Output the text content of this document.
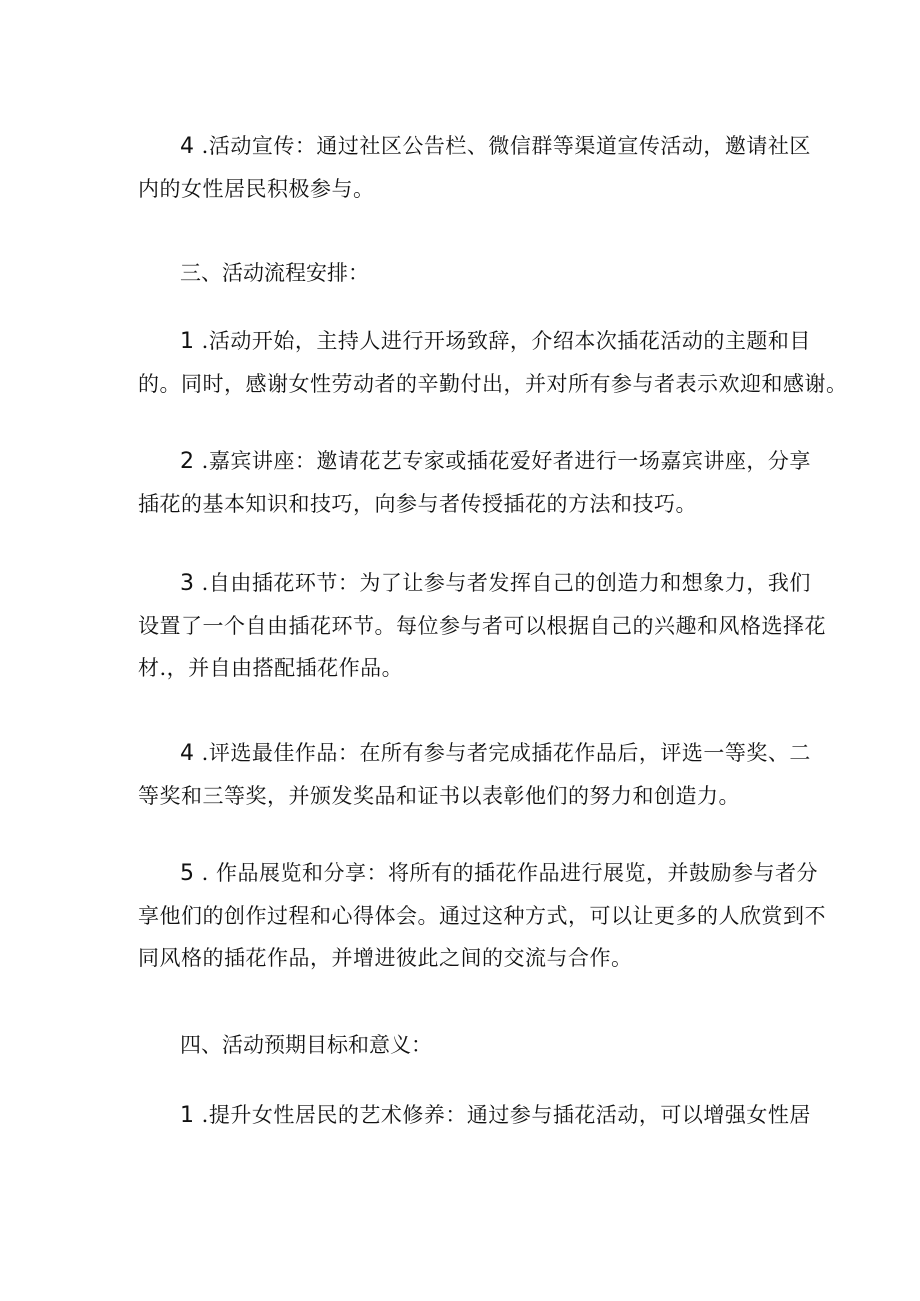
4 .活动宣传：通过社区公告栏、微信群等渠道宣传活动，邀请社区
内的女性居民积极参与。

三、活动流程安排：

1 .活动开始，主持人进行开场致辞，介绍本次插花活动的主题和目
的。同时，感谢女性劳动者的辛勤付出，并对所有参与者表示欢迎和感谢。

2 .嘉宾讲座：邀请花艺专家或插花爱好者进行一场嘉宾讲座，分享
插花的基本知识和技巧，向参与者传授插花的方法和技巧。

3 .自由插花环节：为了让参与者发挥自己的创造力和想象力，我们
设置了一个自由插花环节。每位参与者可以根据自己的兴趣和风格选择花
材.，并自由搭配插花作品。

4 .评选最佳作品：在所有参与者完成插花作品后，评选一等奖、二
等奖和三等奖，并颁发奖品和证书以表彰他们的努力和创造力。

5 . 作品展览和分享：将所有的插花作品进行展览，并鼓励参与者分
享他们的创作过程和心得体会。通过这种方式，可以让更多的人欣赏到不
同风格的插花作品，并增进彼此之间的交流与合作。

四、活动预期目标和意义：

1 .提升女性居民的艺术修养：通过参与插花活动，可以增强女性居
